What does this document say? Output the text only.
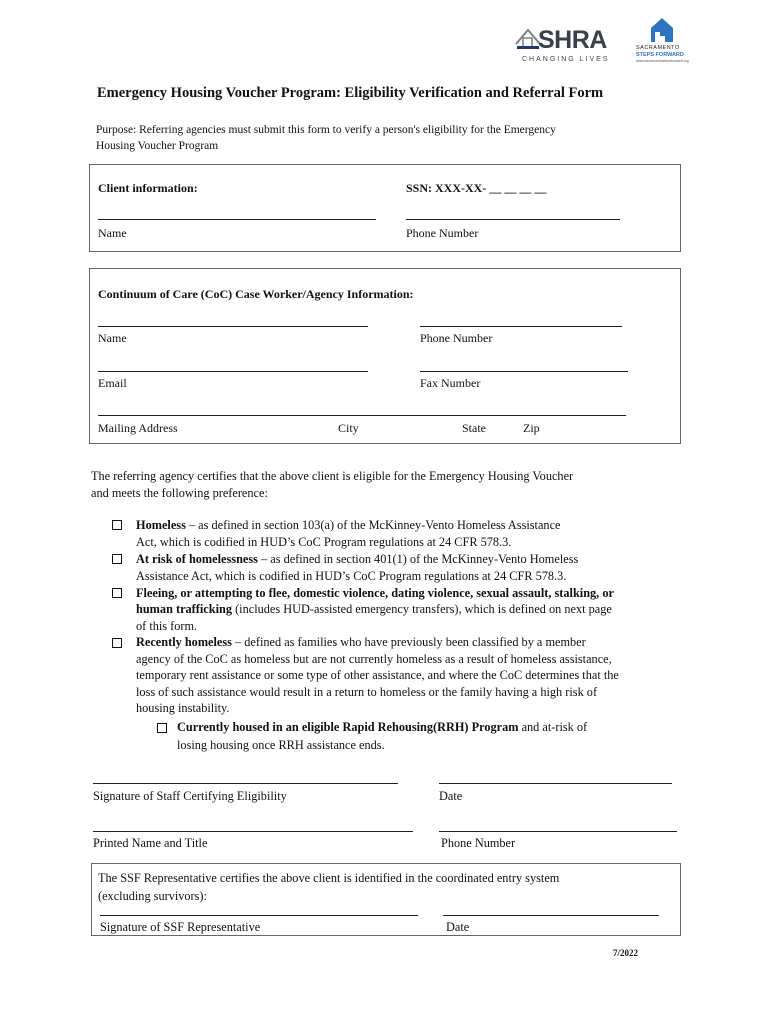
SHRA
CHANGING LIVES
SACRAMENTO
STEPS FORWARD
www.sacramentostepsforward.org
Emergency Housing Voucher Program: Eligibility Verification and Referral Form
Purpose: Referring agencies must submit this form to verify a person's eligibility for the Emergency
Housing Voucher Program
Client information:	SSN: XXX-XX- __ __ __ __
Name	Phone Number
Continuum of Care (CoC) Case Worker/Agency Information:
Name	Phone Number
Email	Fax Number
Mailing Address	City	State	Zip
The referring agency certifies that the above client is eligible for the Emergency Housing Voucher
and meets the following preference:
Homeless – as defined in section 103(a) of the McKinney-Vento Homeless Assistance
Act, which is codified in HUD’s CoC Program regulations at 24 CFR 578.3.
At risk of homelessness – as defined in section 401(1) of the McKinney-Vento Homeless
Assistance Act, which is codified in HUD’s CoC Program regulations at 24 CFR 578.3.
Fleeing, or attempting to flee, domestic violence, dating violence, sexual assault, stalking, or
human trafficking (includes HUD-assisted emergency transfers), which is defined on next page
of this form.
Recently homeless – defined as families who have previously been classified by a member
agency of the CoC as homeless but are not currently homeless as a result of homeless assistance,
temporary rent assistance or some type of other assistance, and where the CoC determines that the
loss of such assistance would result in a return to homeless or the family having a high risk of
housing instability.
Currently housed in an eligible Rapid Rehousing(RRH) Program and at-risk of
losing housing once RRH assistance ends.
Signature of Staff Certifying Eligibility	Date
Printed Name and Title	Phone Number
The SSF Representative certifies the above client is identified in the coordinated entry system
(excluding survivors):
Signature of SSF Representative	Date
7/2022
